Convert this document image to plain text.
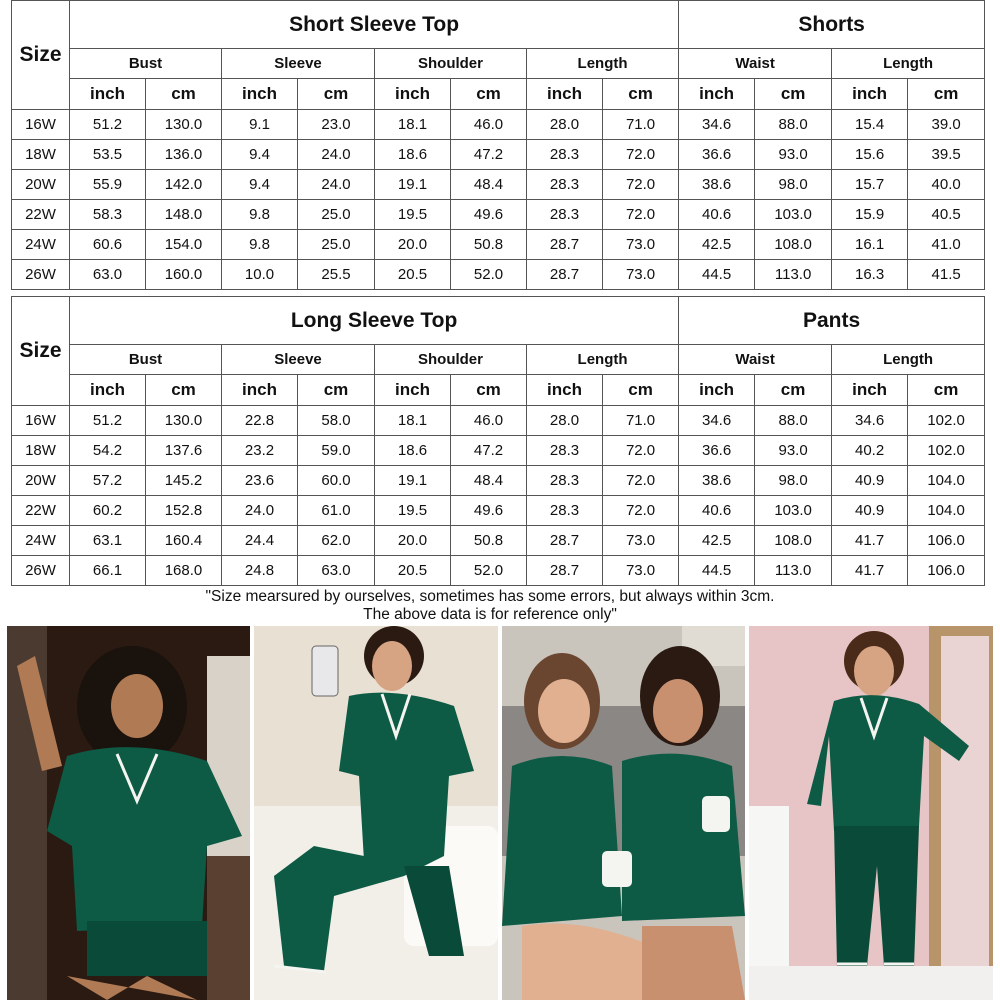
Size	Short Sleeve Top								Shorts			
	Bust		Sleeve		Shoulder		Length		Waist		Length	
	inch	cm	inch	cm	inch	cm	inch	cm	inch	cm	inch	cm
16W	51.2	130.0	9.1	23.0	18.1	46.0	28.0	71.0	34.6	88.0	15.4	39.0
18W	53.5	136.0	9.4	24.0	18.6	47.2	28.3	72.0	36.6	93.0	15.6	39.5
20W	55.9	142.0	9.4	24.0	19.1	48.4	28.3	72.0	38.6	98.0	15.7	40.0
22W	58.3	148.0	9.8	25.0	19.5	49.6	28.3	72.0	40.6	103.0	15.9	40.5
24W	60.6	154.0	9.8	25.0	20.0	50.8	28.7	73.0	42.5	108.0	16.1	41.0
26W	63.0	160.0	10.0	25.5	20.5	52.0	28.7	73.0	44.5	113.0	16.3	41.5
Size	Long Sleeve Top								Pants			
	Bust		Sleeve		Shoulder		Length		Waist		Length	
	inch	cm	inch	cm	inch	cm	inch	cm	inch	cm	inch	cm
16W	51.2	130.0	22.8	58.0	18.1	46.0	28.0	71.0	34.6	88.0	34.6	102.0
18W	54.2	137.6	23.2	59.0	18.6	47.2	28.3	72.0	36.6	93.0	40.2	102.0
20W	57.2	145.2	23.6	60.0	19.1	48.4	28.3	72.0	38.6	98.0	40.9	104.0
22W	60.2	152.8	24.0	61.0	19.5	49.6	28.3	72.0	40.6	103.0	40.9	104.0
24W	63.1	160.4	24.4	62.0	20.0	50.8	28.7	73.0	42.5	108.0	41.7	106.0
26W	66.1	168.0	24.8	63.0	20.5	52.0	28.7	73.0	44.5	113.0	41.7	106.0
"Size mearsured by ourselves, sometimes has some errors, but always within 3cm.
The above data is for reference only"
